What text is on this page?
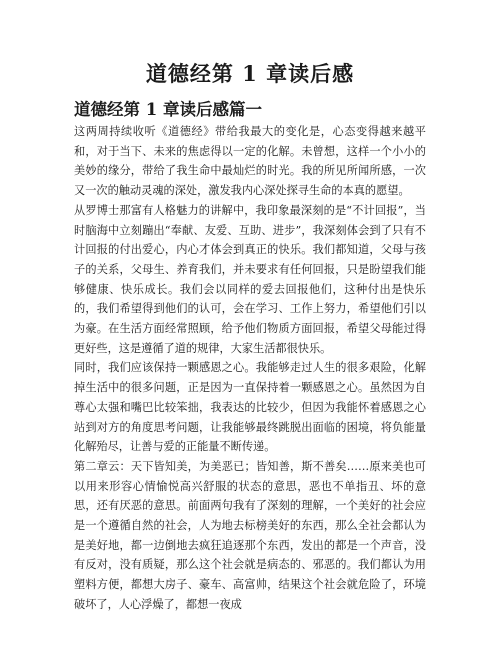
道德经第 1 章读后感
道德经第 1 章读后感篇一

这两周持续收听《道德经》带给我最大的变化是，心态变得越来越平和，对于当下、未来的焦虑得以一定的化解。未曾想，这样一个小小的美妙的缘分，带给了我生命中最灿烂的时光。我的所见所闻所感，一次又一次的触动灵魂的深处，激发我内心深处探寻生命的本真的愿望。

从罗博士那富有人格魅力的讲解中，我印象最深刻的是“不计回报”，当时脑海中立刻蹦出“奉献、友爱、互助、进步”，我深刻体会到了只有不计回报的付出爱心，内心才体会到真正的快乐。我们都知道，父母与孩子的关系，父母生、养育我们，并未要求有任何回报，只是盼望我们能够健康、快乐成长。我们会以同样的爱去回报他们，这种付出是快乐的，我们希望得到他们的认可，会在学习、工作上努力，希望他们引以为豪。在生活方面经常照顾，给予他们物质方面回报，希望父母能过得更好些，这是遵循了道的规律，大家生活都很快乐。

同时，我们应该保持一颗感恩之心。我能够走过人生的很多艰险，化解掉生活中的很多问题，正是因为一直保持着一颗感恩之心。虽然因为自尊心太强和嘴巴比较笨拙，我表达的比较少，但因为我能怀着感恩之心站到对方的角度思考问题，让我能够最终跳脱出面临的困境，将负能量化解殆尽，让善与爱的正能量不断传递。

第二章云：天下皆知美，为美恶已；皆知善，斯不善矣……原来美也可以用来形容心情愉悦高兴舒服的状态的意思，恶也不单指丑、坏的意思，还有厌恶的意思。前面两句我有了深刻的理解，一个美好的社会应是一个遵循自然的社会，人为地去标榜美好的东西，那么全社会都认为是美好地，都一边倒地去疯狂追逐那个东西，发出的都是一个声音，没有反对，没有质疑，那么这个社会就是病态的、邪恶的。我们都认为用塑料方便，都想大房子、豪车、高富帅，结果这个社会就危险了，环境破坏了，人心浮燥了，都想一夜成
